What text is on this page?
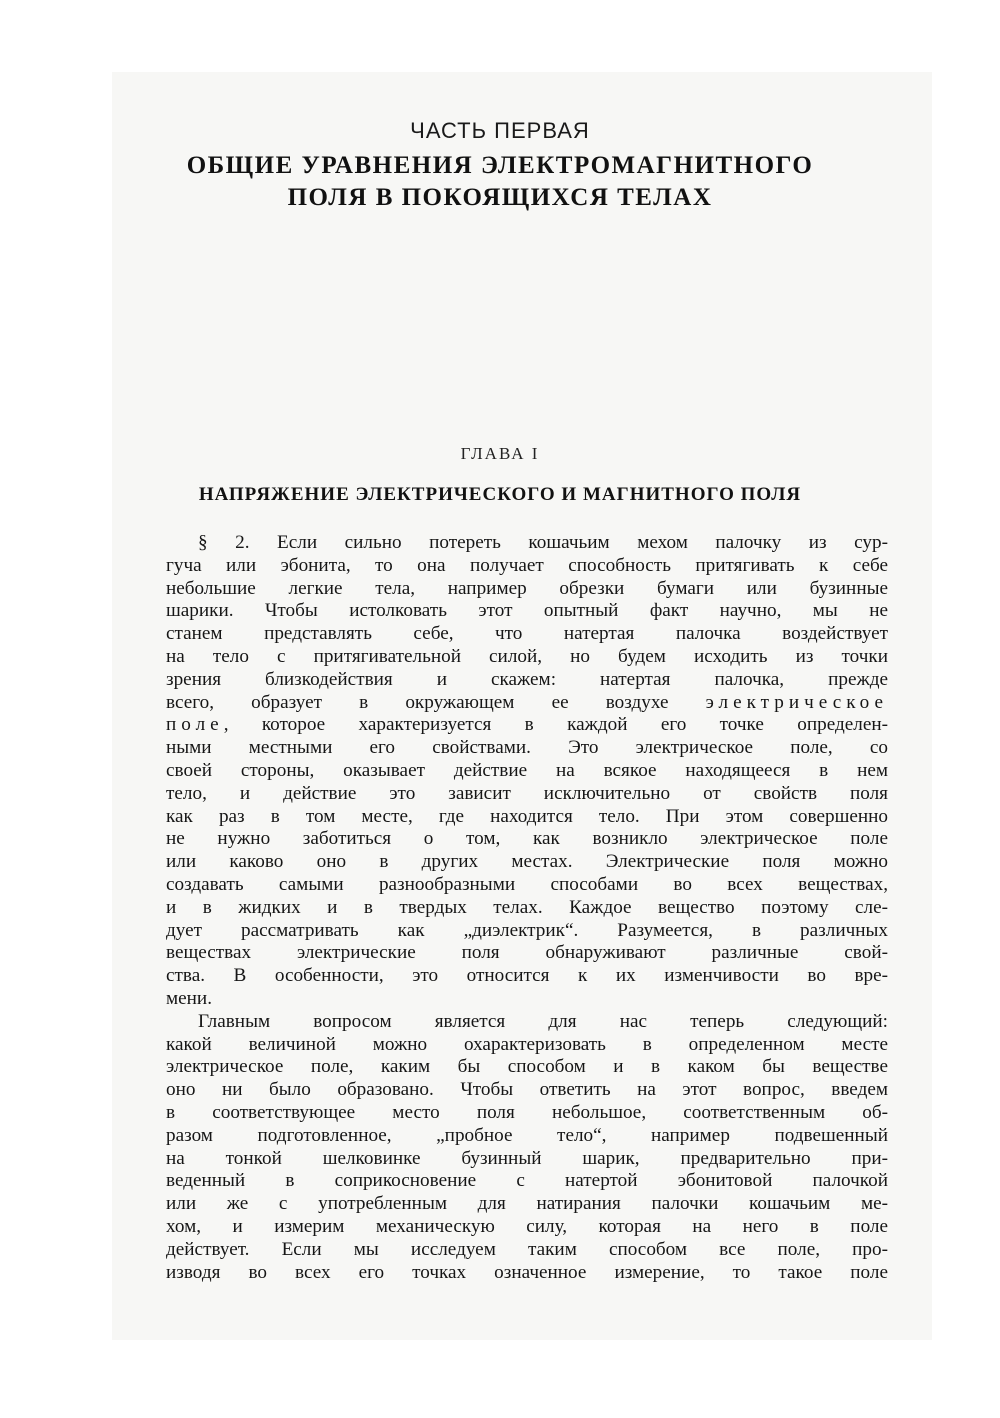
ЧАСТЬ ПЕРВАЯ
ОБЩИЕ УРАВНЕНИЯ ЭЛЕКТРОМАГНИТНОГО
ПОЛЯ В ПОКОЯЩИХСЯ ТЕЛАХ
ГЛАВА I
НАПРЯЖЕНИЕ ЭЛЕКТРИЧЕСКОГО И МАГНИТНОГО ПОЛЯ
§ 2. Если сильно потереть кошачьим мехом палочку из сур-
гуча или эбонита, то она получает способность притягивать к себе
небольшие легкие тела, например обрезки бумаги или бузинные
шарики. Чтобы истолковать этот опытный факт научно, мы не
станем представлять себе, что натертая палочка воздействует
на тело с притягивательной силой, но будем исходить из точки
зрения близкодействия и скажем: натертая палочка, прежде
всего, образует в окружающем ее воздухе электрическое
поле, которое характеризуется в каждой его точке определен-
ными местными его свойствами. Это электрическое поле, со
своей стороны, оказывает действие на всякое находящееся в нем
тело, и действие это зависит исключительно от свойств поля
как раз в том месте, где находится тело. При этом совершенно
не нужно заботиться о том, как возникло электрическое поле
или каково оно в других местах. Электрические поля можно
создавать самыми разнообразными способами во всех веществах,
и в жидких и в твердых телах. Каждое вещество поэтому сле-
дует рассматривать как „диэлектрик“. Разумеется, в различных
веществах электрические поля обнаруживают различные свой-
ства. В особенности, это относится к их изменчивости во вре-
мени.
Главным вопросом является для нас теперь следующий:
какой величиной можно охарактеризовать в определенном месте
электрическое поле, каким бы способом и в каком бы веществе
оно ни было образовано. Чтобы ответить на этот вопрос, введем
в соответствующее место поля небольшое, соответственным об-
разом подготовленное, „пробное тело“, например подвешенный
на тонкой шелковинке бузинный шарик, предварительно при-
веденный в соприкосновение с натертой эбонитовой палочкой
или же с употребленным для натирания палочки кошачьим ме-
хом, и измерим механическую силу, которая на него в поле
действует. Если мы исследуем таким способом все поле, про-
изводя во всех его точках означенное измерение, то такое поле
